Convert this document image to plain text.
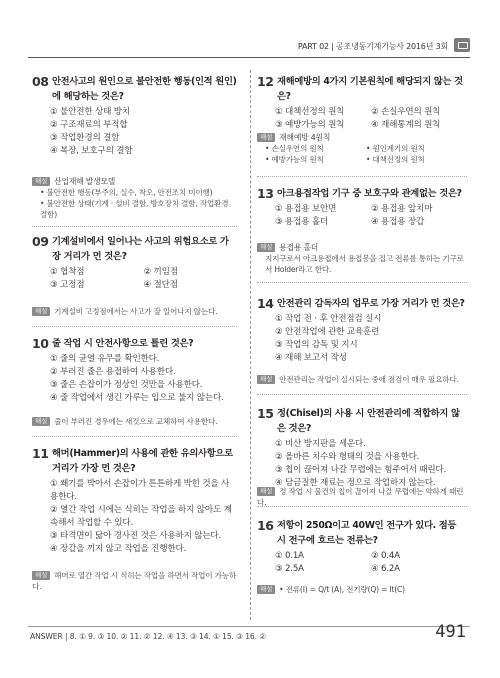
PART 02 | 공조냉동기계기능사 2016년 3회
08 안전사고의 원인으로 불안전한 행동(인적 원인)에 해당하는 것은?
① 불안전한 상태 방치
② 구조재료의 부적합
③ 작업환경의 결함
④ 복장, 보호구의 결함
해설 산업재해 발생모델
• 불안전한 행동(부주의, 실수, 착오, 안전조치 미이행)
• 불안전한 상태(기계 · 설비 결함, 방호장치 결함, 작업환경 결함)
09 기계설비에서 일어나는 사고의 위험요소로 가장 거리가 먼 것은?
① 협착점	② 끼임점
③ 고정점	④ 절단점
해설 기계설비 고정점에서는 사고가 잘 일어나지 않는다.
10 줄 작업 시 안전사항으로 틀린 것은?
① 줄의 균열 유무를 확인한다.
② 부러진 줄은 용접하여 사용한다.
③ 줄은 손잡이가 정상인 것만을 사용한다.
④ 줄 작업에서 생긴 가루는 입으로 불지 않는다.
해설 줄이 부러진 경우에는 새것으로 교체하여 사용한다.
11 해머(Hammer)의 사용에 관한 유의사항으로 거리가 가장 먼 것은?
① 쐐기를 박아서 손잡이가 튼튼하게 박힌 것을 사용한다.
② 열간 작업 시에는 식히는 작업을 하지 않아도 계속해서 작업할 수 있다.
③ 타격면이 닳아 경사진 것은 사용하지 않는다.
④ 장갑을 끼지 않고 작업을 진행한다.
해설 해머로 열간 작업 시 식히는 작업을 하면서 작업이 가능하다.
12 재해예방의 4가지 기본원칙에 해당되지 않는 것은?
① 대책선정의 원칙	② 손실우연의 원칙
③ 예방가능의 원칙	④ 재해통계의 원칙
해설 재해예방 4원칙
• 손실우연의 원칙	• 원인계기의 원칙
• 예방가능의 원칙	• 대책선정의 원칙
13 아크용접작업 기구 중 보호구와 관계없는 것은?
① 용접용 보안면	② 용접용 앞치마
③ 용접용 홀더	④ 용접용 장갑
해설 용접용 홀더
지지구로서 아크용접에서 용접봉을 집고 전류를 통하는 기구로서 Holder라고 한다.
14 안전관리 감독자의 업무로 가장 거리가 먼 것은?
① 작업 전 · 후 안전점검 실시
② 안전작업에 관한 교육훈련
③ 작업의 감독 및 지시
④ 재해 보고서 작성
해설 안전관리는 작업이 실시되는 중에 점검이 매우 필요하다.
15 정(Chisel)의 사용 시 안전관리에 적합하지 않은 것은?
① 비산 방지판을 세운다.
② 올바른 치수와 형태의 것을 사용한다.
③ 칩이 끊어져 나갈 무렵에는 힘주어서 때린다.
④ 담금질한 재료는 정으로 작업하지 않는다.
해설 정 작업 시 물건의 칩이 끊어져 나갈 무렵에는 약하게 때린다.
16 저항이 250Ω이고 40W인 전구가 있다. 점등 시 전구에 흐르는 전류는?
① 0.1A	② 0.4A
③ 2.5A	④ 6.2A
해설 • 전류(I) = Q/t (A), 전기량(Q) = It(C)
ANSWER | 8. ① 9. ③ 10. ② 11. ② 12. ④ 13. ③ 14. ① 15. ③ 16. ②	491
